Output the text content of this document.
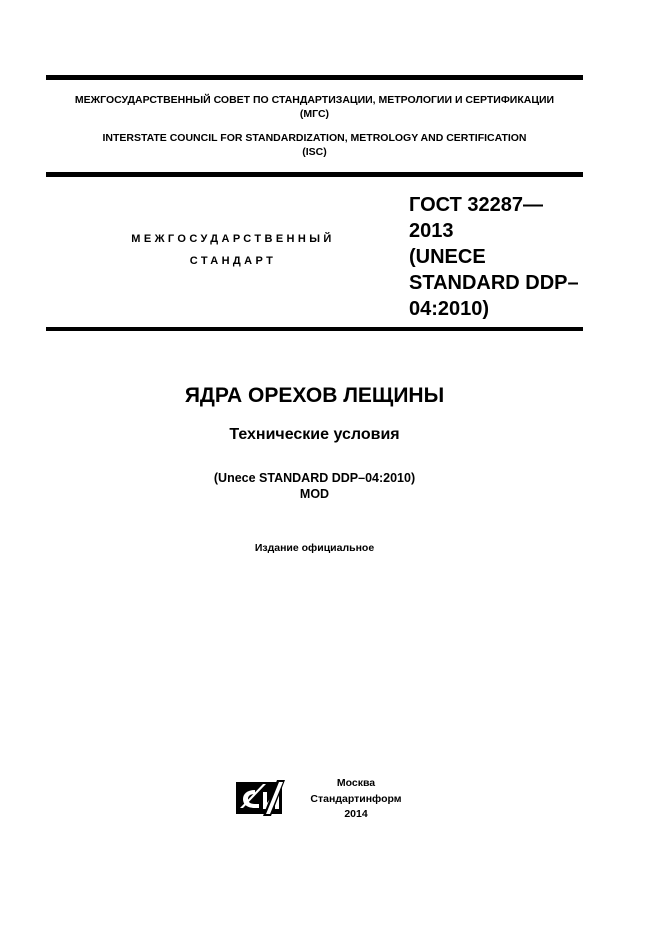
МЕЖГОСУДАРСТВЕННЫЙ СОВЕТ ПО СТАНДАРТИЗАЦИИ, МЕТРОЛОГИИ И СЕРТИФИКАЦИИ
(МГС)
INTERSTATE COUNCIL FOR STANDARDIZATION, METROLOGY AND CERTIFICATION
(ISC)
МЕЖГОСУДАРСТВЕННЫЙ
СТАНДАРТ
ГОСТ 32287—
2013
(UNECE
STANDARD DDP–
04:2010)
ЯДРА ОРЕХОВ ЛЕЩИНЫ
Технические условия
(Unece STANDARD DDP–04:2010)
MOD
Издание официальное
Москва
Стандартинформ
2014
